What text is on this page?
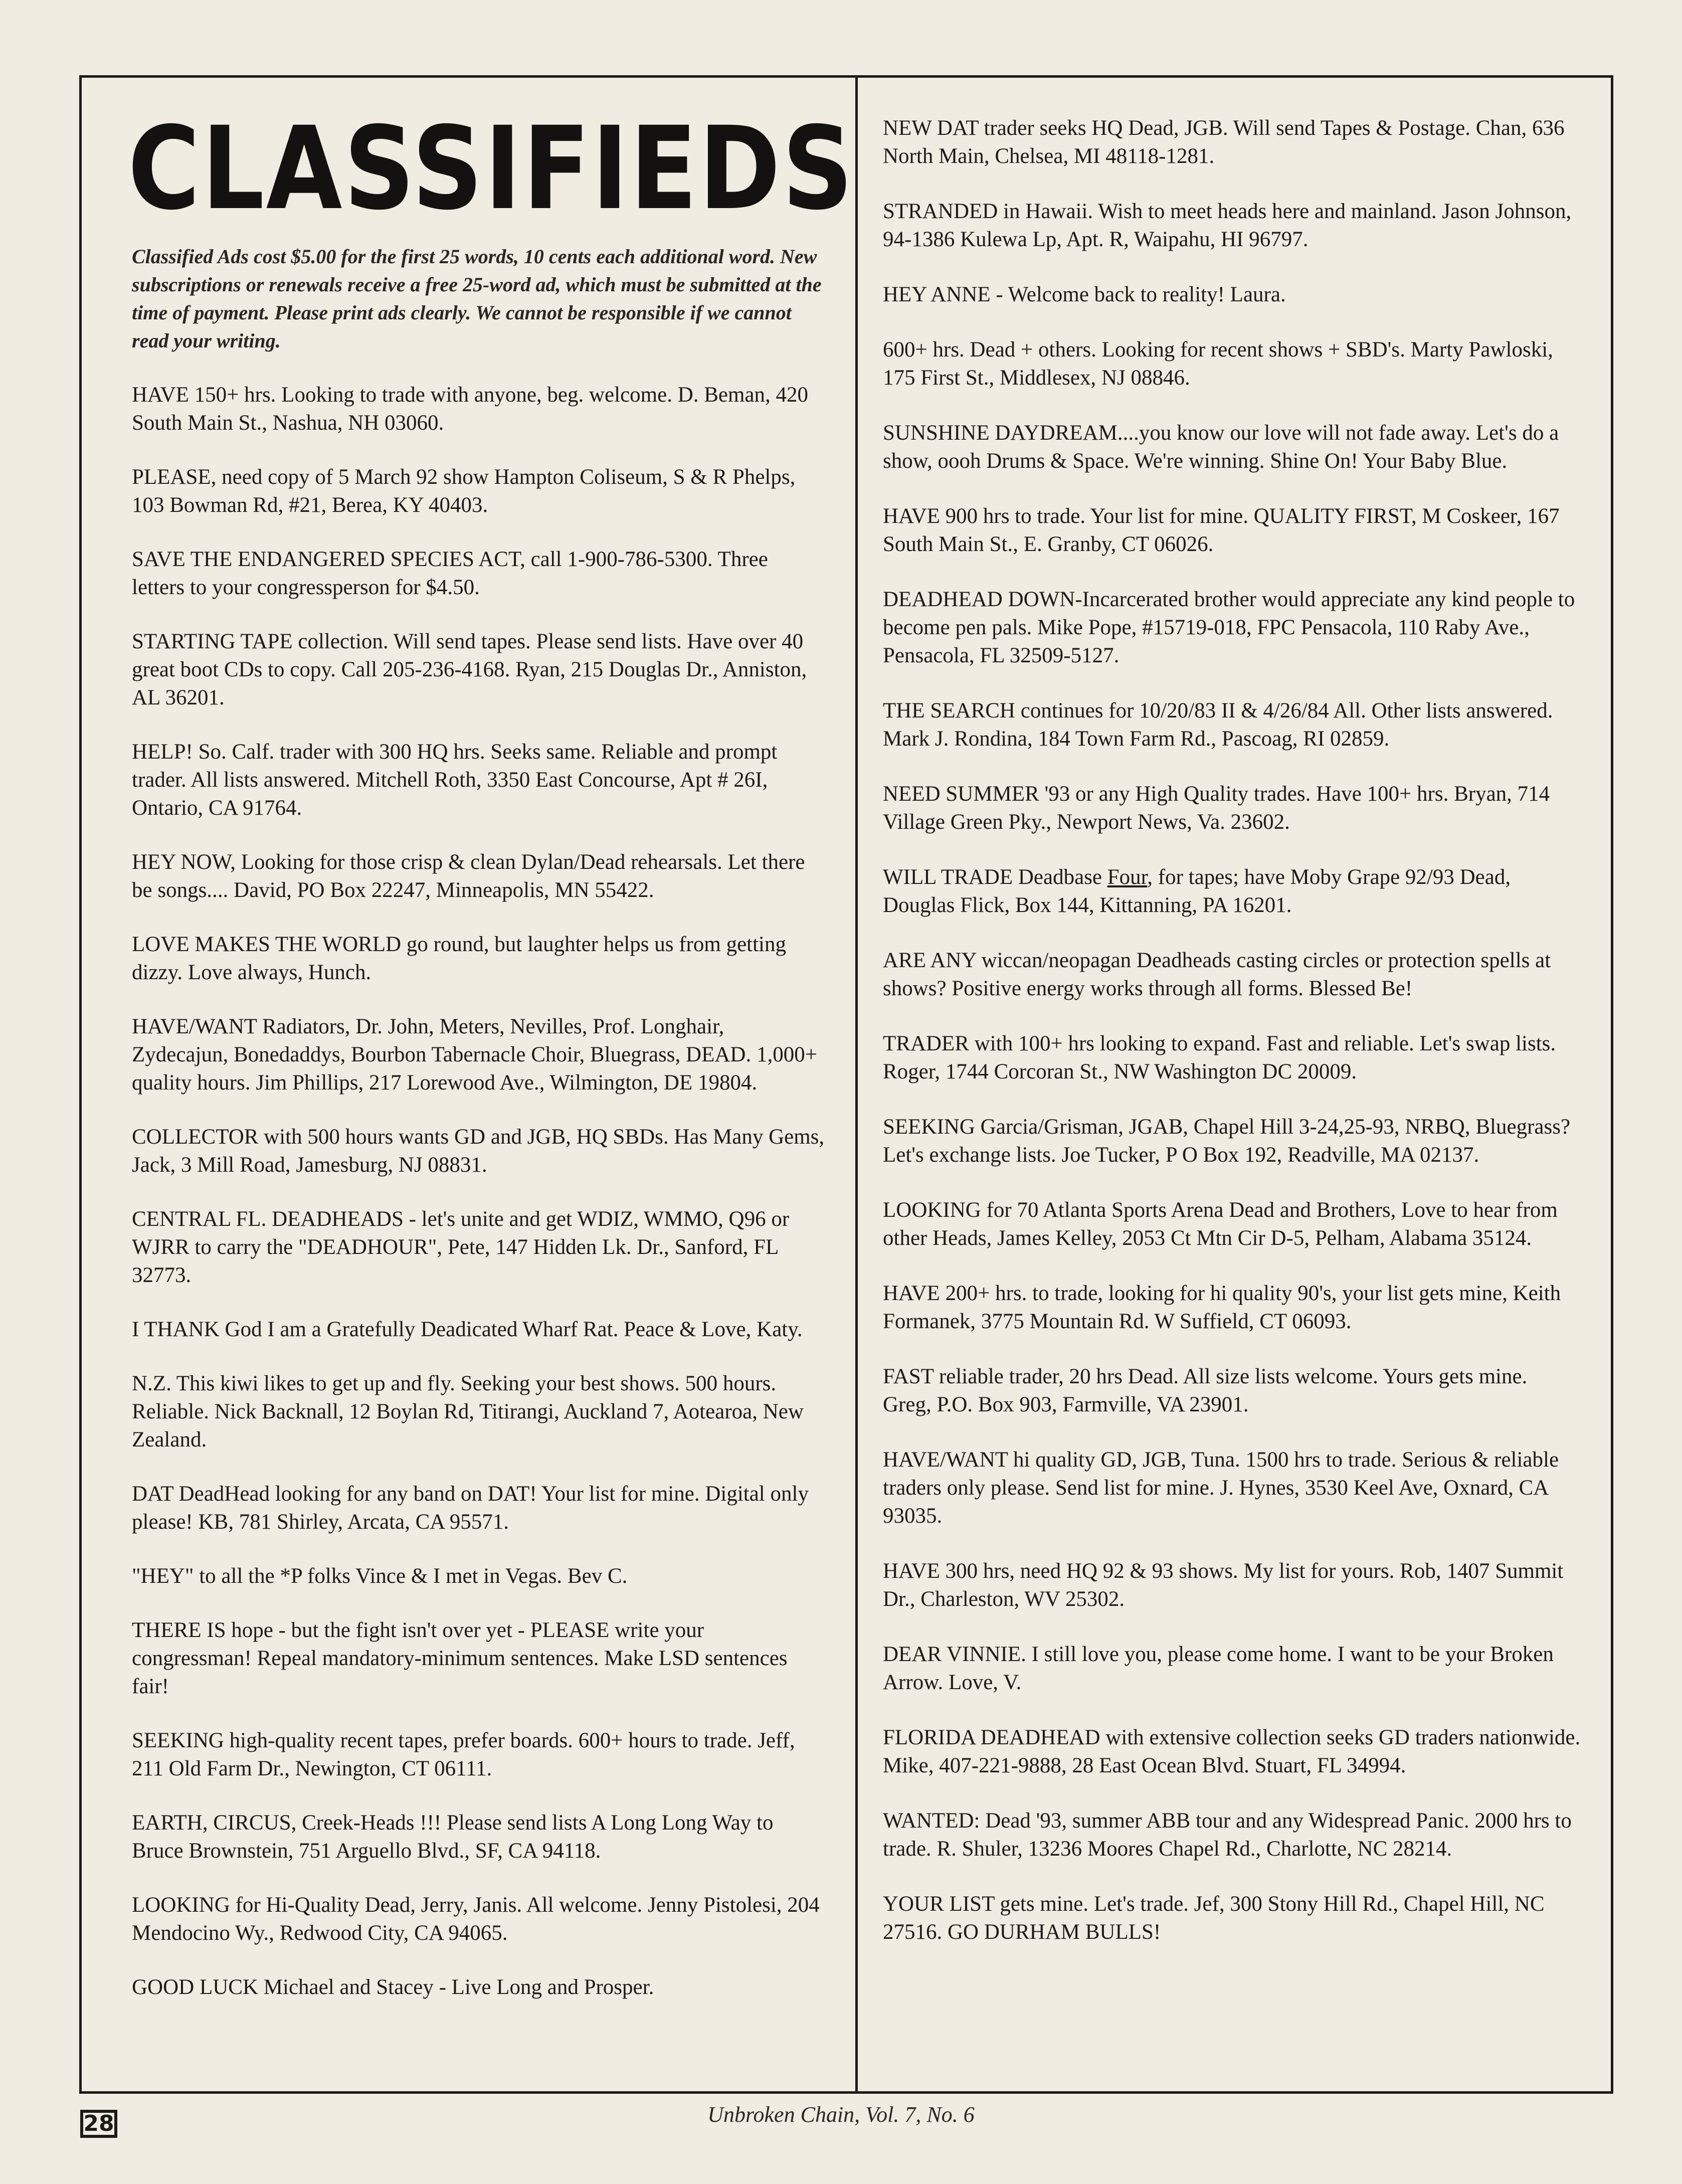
CLASSIFIEDS

Classified Ads cost $5.00 for the first 25 words, 10 cents each additional word. New subscriptions or renewals receive a free 25-word ad, which must be submitted at the time of payment. Please print ads clearly. We cannot be responsible if we cannot read your writing.

HAVE 150+ hrs. Looking to trade with anyone, beg. welcome. D. Beman, 420 South Main St., Nashua, NH 03060.

PLEASE, need copy of 5 March 92 show Hampton Coliseum, S & R Phelps, 103 Bowman Rd, #21, Berea, KY 40403.

SAVE THE ENDANGERED SPECIES ACT, call 1-900-786-5300. Three letters to your congressperson for $4.50.

STARTING TAPE collection. Will send tapes. Please send lists. Have over 40 great boot CDs to copy. Call 205-236-4168. Ryan, 215 Douglas Dr., Anniston, AL 36201.

HELP! So. Calf. trader with 300 HQ hrs. Seeks same. Reliable and prompt trader. All lists answered. Mitchell Roth, 3350 East Concourse, Apt # 26I, Ontario, CA 91764.

HEY NOW, Looking for those crisp & clean Dylan/Dead rehearsals. Let there be songs.... David, PO Box 22247, Minneapolis, MN 55422.

LOVE MAKES THE WORLD go round, but laughter helps us from getting dizzy. Love always, Hunch.

HAVE/WANT Radiators, Dr. John, Meters, Nevilles, Prof. Longhair, Zydecajun, Bonedaddys, Bourbon Tabernacle Choir, Bluegrass, DEAD. 1,000+ quality hours. Jim Phillips, 217 Lorewood Ave., Wilmington, DE 19804.

COLLECTOR with 500 hours wants GD and JGB, HQ SBDs. Has Many Gems, Jack, 3 Mill Road, Jamesburg, NJ 08831.

CENTRAL FL. DEADHEADS - let's unite and get WDIZ, WMMO, Q96 or WJRR to carry the "DEADHOUR", Pete, 147 Hidden Lk. Dr., Sanford, FL 32773.

I THANK God I am a Gratefully Deadicated Wharf Rat. Peace & Love, Katy.

N.Z. This kiwi likes to get up and fly. Seeking your best shows. 500 hours. Reliable. Nick Backnall, 12 Boylan Rd, Titirangi, Auckland 7, Aotearoa, New Zealand.

DAT DeadHead looking for any band on DAT! Your list for mine. Digital only please! KB, 781 Shirley, Arcata, CA 95571.

"HEY" to all the *P folks Vince & I met in Vegas. Bev C.

THERE IS hope - but the fight isn't over yet - PLEASE write your congressman! Repeal mandatory-minimum sentences. Make LSD sentences fair!

SEEKING high-quality recent tapes, prefer boards. 600+ hours to trade. Jeff, 211 Old Farm Dr., Newington, CT 06111.

EARTH, CIRCUS, Creek-Heads !!! Please send lists A Long Long Way to Bruce Brownstein, 751 Arguello Blvd., SF, CA 94118.

LOOKING for Hi-Quality Dead, Jerry, Janis. All welcome. Jenny Pistolesi, 204 Mendocino Wy., Redwood City, CA 94065.

GOOD LUCK Michael and Stacey - Live Long and Prosper.

NEW DAT trader seeks HQ Dead, JGB. Will send Tapes & Postage. Chan, 636 North Main, Chelsea, MI 48118-1281.

STRANDED in Hawaii. Wish to meet heads here and mainland. Jason Johnson, 94-1386 Kulewa Lp, Apt. R, Waipahu, HI 96797.

HEY ANNE - Welcome back to reality! Laura.

600+ hrs. Dead + others. Looking for recent shows + SBD's. Marty Pawloski, 175 First St., Middlesex, NJ 08846.

SUNSHINE DAYDREAM....you know our love will not fade away. Let's do a show, oooh Drums & Space. We're winning. Shine On! Your Baby Blue.

HAVE 900 hrs to trade. Your list for mine. QUALITY FIRST, M Coskeer, 167 South Main St., E. Granby, CT 06026.

DEADHEAD DOWN-Incarcerated brother would appreciate any kind people to become pen pals. Mike Pope, #15719-018, FPC Pensacola, 110 Raby Ave., Pensacola, FL 32509-5127.

THE SEARCH continues for 10/20/83 II & 4/26/84 All. Other lists answered. Mark J. Rondina, 184 Town Farm Rd., Pascoag, RI 02859.

NEED SUMMER '93 or any High Quality trades. Have 100+ hrs. Bryan, 714 Village Green Pky., Newport News, Va. 23602.

WILL TRADE Deadbase Four, for tapes; have Moby Grape 92/93 Dead, Douglas Flick, Box 144, Kittanning, PA 16201.

ARE ANY wiccan/neopagan Deadheads casting circles or protection spells at shows? Positive energy works through all forms. Blessed Be!

TRADER with 100+ hrs looking to expand. Fast and reliable. Let's swap lists. Roger, 1744 Corcoran St., NW Washington DC 20009.

SEEKING Garcia/Grisman, JGAB, Chapel Hill 3-24,25-93, NRBQ, Bluegrass? Let's exchange lists. Joe Tucker, P O Box 192, Readville, MA 02137.

LOOKING for 70 Atlanta Sports Arena Dead and Brothers, Love to hear from other Heads, James Kelley, 2053 Ct Mtn Cir D-5, Pelham, Alabama 35124.

HAVE 200+ hrs. to trade, looking for hi quality 90's, your list gets mine, Keith Formanek, 3775 Mountain Rd. W Suffield, CT 06093.

FAST reliable trader, 20 hrs Dead. All size lists welcome. Yours gets mine. Greg, P.O. Box 903, Farmville, VA 23901.

HAVE/WANT hi quality GD, JGB, Tuna. 1500 hrs to trade. Serious & reliable traders only please. Send list for mine. J. Hynes, 3530 Keel Ave, Oxnard, CA 93035.

HAVE 300 hrs, need HQ 92 & 93 shows. My list for yours. Rob, 1407 Summit Dr., Charleston, WV 25302.

DEAR VINNIE. I still love you, please come home. I want to be your Broken Arrow. Love, V.

FLORIDA DEADHEAD with extensive collection seeks GD traders nationwide. Mike, 407-221-9888, 28 East Ocean Blvd. Stuart, FL 34994.

WANTED: Dead '93, summer ABB tour and any Widespread Panic. 2000 hrs to trade. R. Shuler, 13236 Moores Chapel Rd., Charlotte, NC 28214.

YOUR LIST gets mine. Let's trade. Jef, 300 Stony Hill Rd., Chapel Hill, NC 27516. GO DURHAM BULLS!

28	Unbroken Chain, Vol. 7, No. 6
